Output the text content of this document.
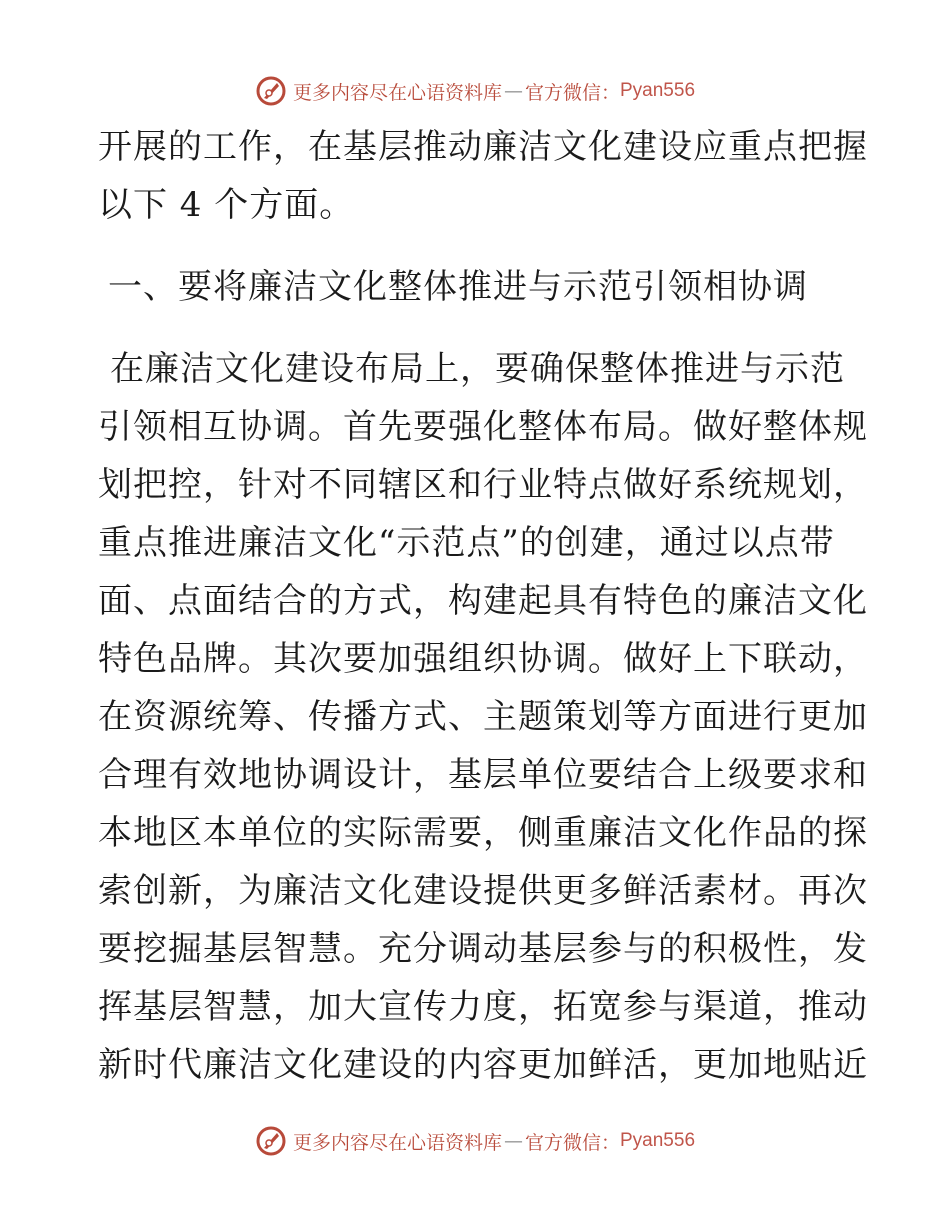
更多内容尽在心语资料库 — 官方微信： Pyan556
开展的工作，在基层推动廉洁文化建设应重点把握
以下 4 个方面。
一、要将廉洁文化整体推进与示范引领相协调
在廉洁文化建设布局上，要确保整体推进与示范
引领相互协调。首先要强化整体布局。做好整体规
划把控，针对不同辖区和行业特点做好系统规划，
重点推进廉洁文化“示范点”的创建，通过以点带
面、点面结合的方式，构建起具有特色的廉洁文化
特色品牌。其次要加强组织协调。做好上下联动，
在资源统筹、传播方式、主题策划等方面进行更加
合理有效地协调设计，基层单位要结合上级要求和
本地区本单位的实际需要，侧重廉洁文化作品的探
索创新，为廉洁文化建设提供更多鲜活素材。再次
要挖掘基层智慧。充分调动基层参与的积极性，发
挥基层智慧，加大宣传力度，拓宽参与渠道，推动
新时代廉洁文化建设的内容更加鲜活，更加地贴近
更多内容尽在心语资料库 — 官方微信： Pyan556
